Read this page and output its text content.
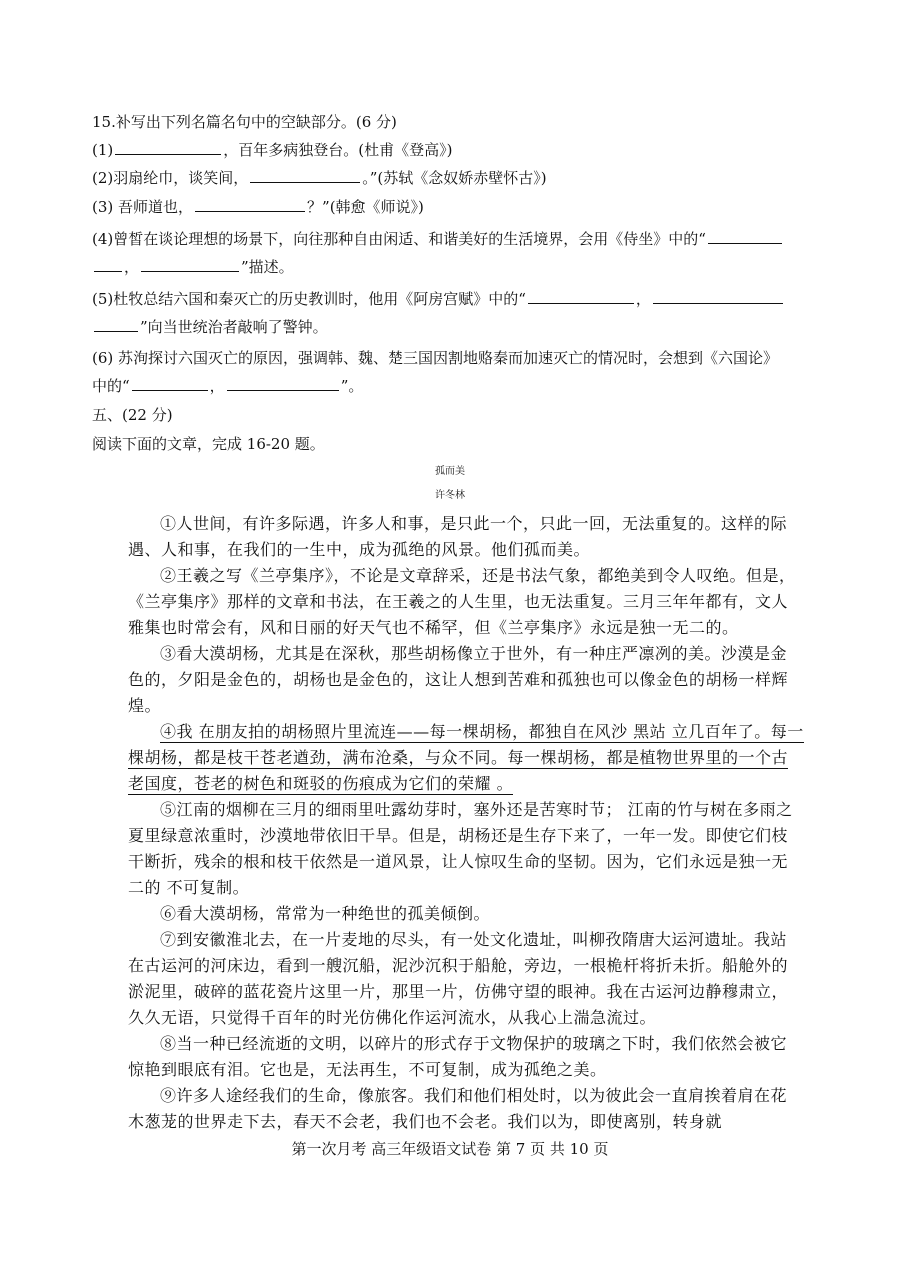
15.补写出下列名篇名句中的空缺部分。(6 分)
(1)	，百年多病独登台。(杜甫《登高》)
(2)羽扇纶巾，谈笑间，	。”(苏轼《念奴娇赤壁怀古》)
(3) 吾师道也，	？”(韩愈《师说》)
(4)曾皙在谈论理想的场景下，向往那种自由闲适、和谐美好的生活境界，会用《侍坐》中的“
，	”描述。
(5)杜牧总结六国和秦灭亡的历史教训时，他用《阿房宫赋》中的“	，
”向当世统治者敲响了警钟。
(6) 苏洵探讨六国灭亡的原因，强调韩、魏、楚三国因割地赂秦而加速灭亡的情况时，会想到《六国论》
中的“	，	”。
五、(22 分)
阅读下面的文章，完成 16-20 题。
孤而美
许冬林
①人世间，有许多际遇，许多人和事，是只此一个，只此一回，无法重复的。这样的际
遇、人和事，在我们的一生中，成为孤绝的风景。他们孤而美。
②王羲之写《兰亭集序》，不论是文章辞采，还是书法气象，都绝美到令人叹绝。但是，
《兰亭集序》那样的文章和书法，在王羲之的人生里，也无法重复。三月三年年都有，文人
雅集也时常会有，风和日丽的好天气也不稀罕，但《兰亭集序》永远是独一无二的。
③看大漠胡杨，尤其是在深秋，那些胡杨像立于世外，有一种庄严凛冽的美。沙漠是金
色的，夕阳是金色的，胡杨也是金色的，这让人想到苦难和孤独也可以像金色的胡杨一样辉
煌。
④我 在朋友拍的胡杨照片里流连——每一棵胡杨，都独自在风沙 黑站 立几百年了。每一
棵胡杨，都是枝干苍老遒劲，满布沧桑，与众不同。每一棵胡杨，都是植物世界里的一个古
老国度，苍老的树色和斑驳的伤痕成为它们的荣耀 。
⑤江南的烟柳在三月的细雨里吐露幼芽时，塞外还是苦寒时节； 江南的竹与树在多雨之
夏里绿意浓重时，沙漠地带依旧干旱。但是，胡杨还是生存下来了，一年一发。即使它们枝
干断折，残余的根和枝干依然是一道风景，让人惊叹生命的坚韧。因为，它们永远是独一无
二的 不可复制。
⑥看大漠胡杨，常常为一种绝世的孤美倾倒。
⑦到安徽淮北去，在一片麦地的尽头，有一处文化遗址，叫柳孜隋唐大运河遗址。我站
在古运河的河床边，看到一艘沉船，泥沙沉积于船舱，旁边，一根桅杆将折未折。船舱外的
淤泥里，破碎的蓝花瓷片这里一片，那里一片，仿佛守望的眼神。我在古运河边静穆肃立，
久久无语，只觉得千百年的时光仿佛化作运河流水，从我心上湍急流过。
⑧当一种已经流逝的文明，以碎片的形式存于文物保护的玻璃之下时，我们依然会被它
惊艳到眼底有泪。它也是，无法再生，不可复制，成为孤绝之美。
⑨许多人途经我们的生命，像旅客。我们和他们相处时，以为彼此会一直肩挨着肩在花
木葱茏的世界走下去，春天不会老，我们也不会老。我们以为，即使离别，转身就
第一次月考 高三年级语文试卷 第 7 页 共 10 页
